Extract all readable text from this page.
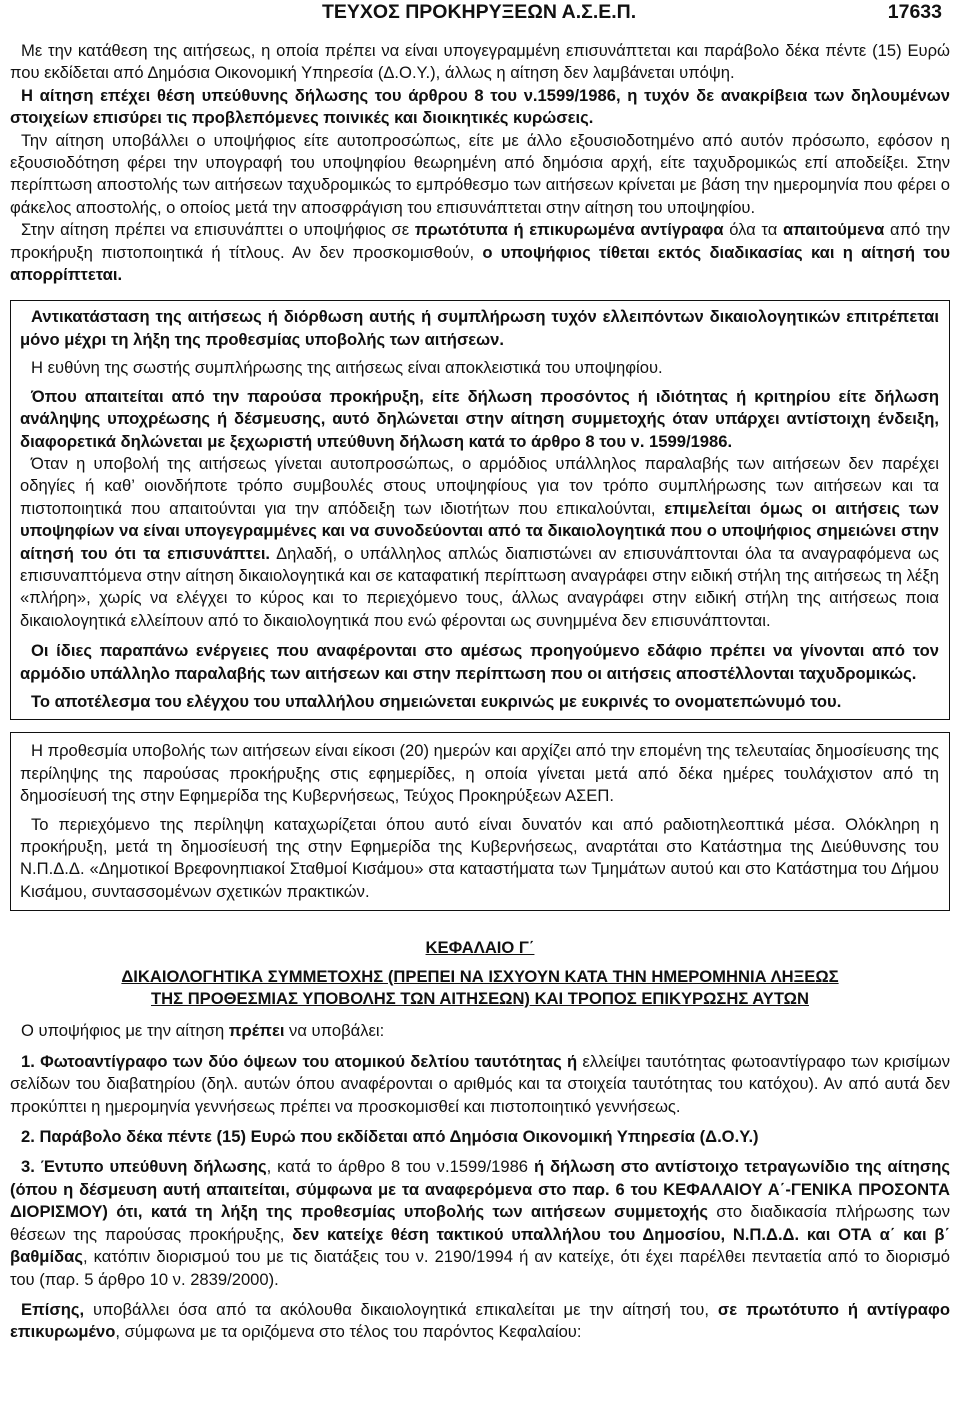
ΤΕΥΧΟΣ ΠΡΟΚΗΡΥΞΕΩΝ Α.Σ.Ε.Π.	17633

Με την κατάθεση της αιτήσεως, η οποία πρέπει να είναι υπογεγραμμένη επισυνάπτεται και παράβολο δέκα πέντε (15) Ευρώ που εκδίδεται από Δημόσια Οικονομική Υπηρεσία (Δ.Ο.Υ.), άλλως η αίτηση δεν λαμβάνεται υπόψη.

Η αίτηση επέχει θέση υπεύθυνης δήλωσης του άρθρου 8 του ν.1599/1986, η τυχόν δε ανακρίβεια των δηλουμένων στοιχείων επισύρει τις προβλεπόμενες ποινικές και διοικητικές κυρώσεις.

Την αίτηση υποβάλλει ο υποψήφιος είτε αυτοπροσώπως, είτε με άλλο εξουσιοδοτημένο από αυτόν πρόσωπο, εφόσον η εξουσιοδότηση φέρει την υπογραφή του υποψηφίου θεωρημένη από δημόσια αρχή, είτε ταχυδρομικώς επί αποδείξει. Στην περίπτωση αποστολής των αιτήσεων ταχυδρομικώς το εμπρόθεσμο των αιτήσεων κρίνεται με βάση την ημερομηνία που φέρει ο φάκελος αποστολής, ο οποίος μετά την αποσφράγιση του επισυνάπτεται στην αίτηση του υποψηφίου.

Στην αίτηση πρέπει να επισυνάπτει ο υποψήφιος σε πρωτότυπα ή επικυρωμένα αντίγραφα όλα τα απαιτούμενα από την προκήρυξη πιστοποιητικά ή τίτλους. Αν δεν προσκομισθούν, ο υποψήφιος τίθεται εκτός διαδικασίας και η αίτησή του απορρίπτεται.

Αντικατάσταση της αιτήσεως ή διόρθωση αυτής ή συμπλήρωση τυχόν ελλειπόντων δικαιολογητικών επιτρέπεται μόνο μέχρι τη λήξη της προθεσμίας υποβολής των αιτήσεων.

Η ευθύνη της σωστής συμπλήρωσης της αιτήσεως είναι αποκλειστικά του υποψηφίου.

Όπου απαιτείται από την παρούσα προκήρυξη, είτε δήλωση προσόντος ή ιδιότητας ή κριτηρίου είτε δήλωση ανάληψης υποχρέωσης ή δέσμευσης, αυτό δηλώνεται στην αίτηση συμμετοχής όταν υπάρχει αντίστοιχη ένδειξη, διαφορετικά δηλώνεται με ξεχωριστή υπεύθυνη δήλωση κατά το άρθρο 8 του ν. 1599/1986.

Όταν η υποβολή της αιτήσεως γίνεται αυτοπροσώπως, ο αρμόδιος υπάλληλος παραλαβής των αιτήσεων δεν παρέχει οδηγίες ή καθ’ οιονδήποτε τρόπο συμβουλές στους υποψηφίους για τον τρόπο συμπλήρωσης των αιτήσεων και τα πιστοποιητικά που απαιτούνται για την απόδειξη των ιδιοτήτων που επικαλούνται, επιμελείται όμως οι αιτήσεις των υποψηφίων να είναι υπογεγραμμένες και να συνοδεύονται από τα δικαιολογητικά που ο υποψήφιος σημειώνει στην αίτησή του ότι τα επισυνάπτει. Δηλαδή, ο υπάλληλος απλώς διαπιστώνει αν επισυνάπτονται όλα τα αναγραφόμενα ως επισυναπτόμενα στην αίτηση δικαιολογητικά και σε καταφατική περίπτωση αναγράφει στην ειδική στήλη της αιτήσεως τη λέξη «πλήρη», χωρίς να ελέγχει το κύρος και το περιεχόμενο τους, άλλως αναγράφει στην ειδική στήλη της αιτήσεως ποια δικαιολογητικά ελλείπουν από το δικαιολογητικά που ενώ φέρονται ως συνημμένα δεν επισυνάπτονται.

Οι ίδιες παραπάνω ενέργειες που αναφέρονται στο αμέσως προηγούμενο εδάφιο πρέπει να γίνονται από τον αρμόδιο υπάλληλο παραλαβής των αιτήσεων και στην περίπτωση που οι αιτήσεις αποστέλλονται ταχυδρομικώς.

Το αποτέλεσμα του ελέγχου του υπαλλήλου σημειώνεται ευκρινώς με ευκρινές το ονοματεπώνυμό του.

Η προθεσμία υποβολής των αιτήσεων είναι είκοσι (20) ημερών και αρχίζει από την επομένη της τελευταίας δημοσίευσης της περίληψης της παρούσας προκήρυξης στις εφημερίδες, η οποία γίνεται μετά από δέκα ημέρες τουλάχιστον από τη δημοσίευσή της στην Εφημερίδα της Κυβερνήσεως, Τεύχος Προκηρύξεων ΑΣΕΠ.

Το περιεχόμενο της περίληψη καταχωρίζεται όπου αυτό είναι δυνατόν και από ραδιοτηλεοπτικά μέσα. Ολόκληρη η προκήρυξη, μετά τη δημοσίευσή της στην Εφημερίδα της Κυβερνήσεως, αναρτάται στο Κατάστημα της Διεύθυνσης του Ν.Π.Δ.Δ. «Δημοτικοί Βρεφονηπιακοί Σταθμοί Κισάμου» στα καταστήματα των Τμημάτων αυτού και στο Κατάστημα του Δήμου Κισάμου, συντασσομένων σχετικών πρακτικών.

ΚΕΦΑΛΑΙΟ Γ΄
ΔΙΚΑΙΟΛΟΓΗΤΙΚΑ ΣΥΜΜΕΤΟΧΗΣ (ΠΡΕΠΕΙ ΝΑ ΙΣΧΥΟΥΝ ΚΑΤΑ ΤΗΝ ΗΜΕΡΟΜΗΝΙΑ ΛΗΞΕΩΣ
ΤΗΣ ΠΡΟΘΕΣΜΙΑΣ ΥΠΟΒΟΛΗΣ ΤΩΝ ΑΙΤΗΣΕΩΝ) ΚΑΙ ΤΡΟΠΟΣ ΕΠΙΚΥΡΩΣΗΣ ΑΥΤΩΝ

Ο υποψήφιος με την αίτηση πρέπει να υποβάλει:

1. Φωτοαντίγραφο των δύο όψεων του ατομικού δελτίου ταυτότητας ή ελλείψει ταυτότητας φωτοαντίγραφο των κρισίμων σελίδων του διαβατηρίου (δηλ. αυτών όπου αναφέρονται ο αριθμός και τα στοιχεία ταυτότητας του κατόχου). Αν από αυτά δεν προκύπτει η ημερομηνία γεννήσεως πρέπει να προσκομισθεί και πιστοποιητικό γεννήσεως.

2. Παράβολο δέκα πέντε (15) Ευρώ που εκδίδεται από Δημόσια Οικονομική Υπηρεσία (Δ.Ο.Υ.)

3. Έντυπο υπεύθυνη δήλωσης, κατά το άρθρο 8 του ν.1599/1986 ή δήλωση στο αντίστοιχο τετραγωνίδιο της αίτησης (όπου η δέσμευση αυτή απαιτείται, σύμφωνα με τα αναφερόμενα στο παρ. 6 του ΚΕΦΑΛΑΙΟΥ Α΄-ΓΕΝΙΚΑ ΠΡΟΣΟΝΤΑ ΔΙΟΡΙΣΜΟΥ) ότι, κατά τη λήξη της προθεσμίας υποβολής των αιτήσεων συμμετοχής στο διαδικασία πλήρωσης των θέσεων της παρούσας προκήρυξης, δεν κατείχε θέση τακτικού υπαλλήλου του Δημοσίου, Ν.Π.Δ.Δ. και ΟΤΑ α΄ και β΄ βαθμίδας, κατόπιν διορισμού του με τις διατάξεις του ν. 2190/1994 ή αν κατείχε, ότι έχει παρέλθει πενταετία από το διορισμό του (παρ. 5 άρθρο 10 ν. 2839/2000).

Επίσης, υποβάλλει όσα από τα ακόλουθα δικαιολογητικά επικαλείται με την αίτησή του, σε πρωτότυπο ή αντίγραφο επικυρωμένο, σύμφωνα με τα οριζόμενα στο τέλος του παρόντος Κεφαλαίου:
